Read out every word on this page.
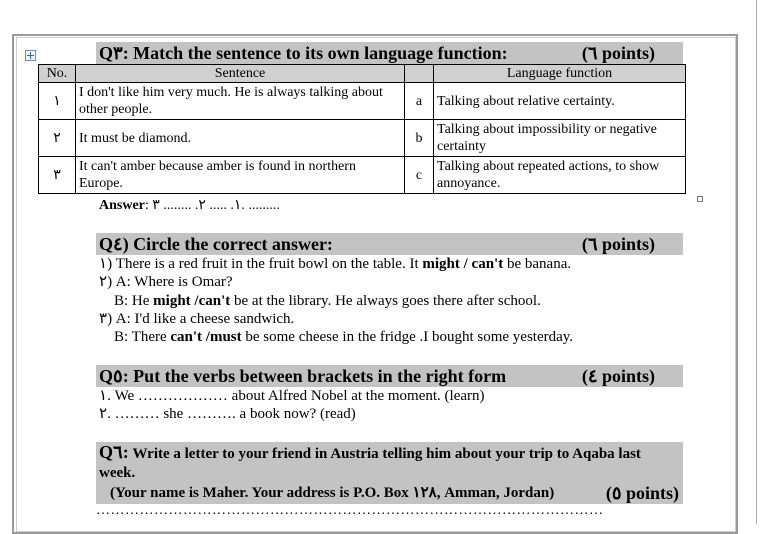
Q٣: Match the sentence to its own language function:	(٦ points)
No.	Sentence		Language function
١	I don't like him very much. He is always talking about other people.	a	Talking about relative certainty.
٢	It must be diamond.	b	Talking about impossibility or negative certainty
٣	It can't amber because amber is found in northern Europe.	c	Talking about repeated actions, to show annoyance.
Answer: ١. ..... ٢. ........ ٣. .........
Q٤) Circle the correct answer:	(٦ points)
١) There is a red fruit in the fruit bowl on the table. It might / can't be banana.
٢) A: Where is Omar?
B: He might /can't be at the library. He always goes there after school.
٣) A: I'd like a cheese sandwich.
B: There can't /must be some cheese in the fridge .I bought some yesterday.
Q٥: Put the verbs between brackets in the right form	(٤ points)
١. We ……………… about Alfred Nobel at the moment. (learn)
٢. ……… she ………. a book now? (read)
Q٦: Write a letter to your friend in Austria telling him about your trip to Aqaba last
week.
(Your name is Maher. Your address is P.O. Box ١٢٨, Amman, Jordan)	(٥ points)
……………………………………………………………………………………………
